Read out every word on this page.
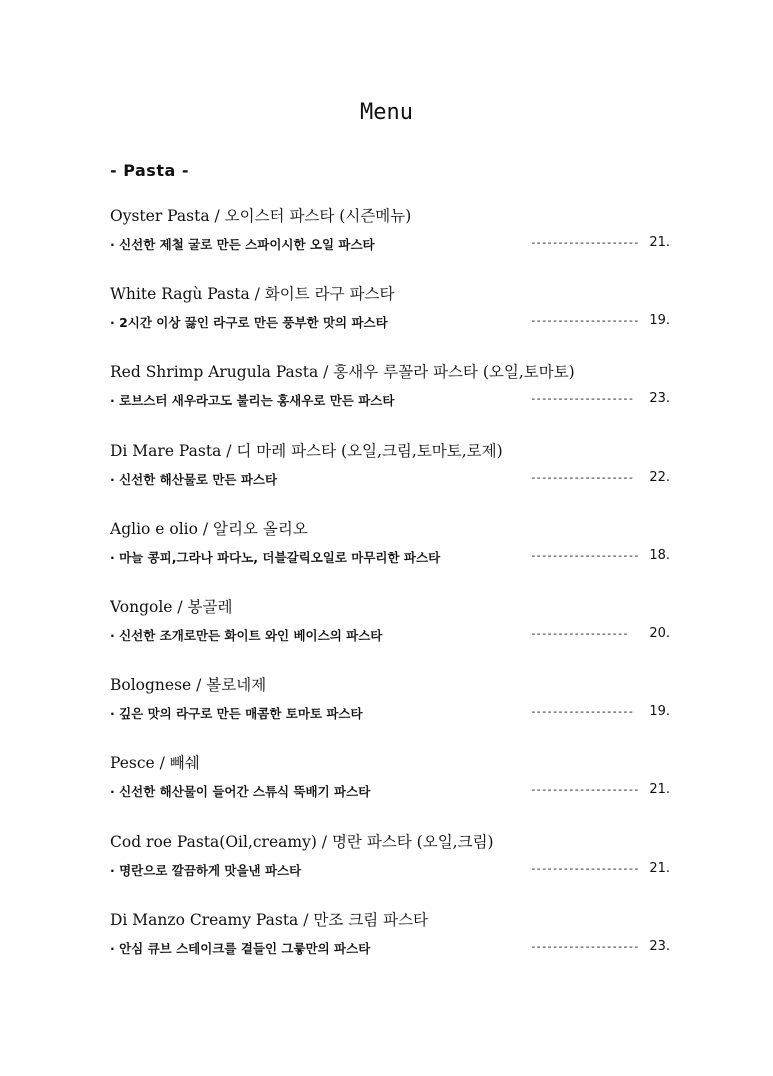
Menu
- Pasta -
Oyster Pasta / 오이스터 파스타 (시즌메뉴)
· 신선한 제철 굴로 만든 스파이시한 오일 파스타	-------------------- 21.
White Ragù Pasta / 화이트 라구 파스타
· 2시간 이상 끓인 라구로 만든 풍부한 맛의 파스타	-------------------- 19.
Red Shrimp Arugula Pasta / 홍새우 루꼴라 파스타 (오일,토마토)
· 로브스터 새우라고도 불리는 홍새우로 만든 파스타	------------------- 23.
Di Mare Pasta / 디 마레 파스타 (오일,크림,토마토,로제)
· 신선한 해산물로 만든 파스타	------------------- 22.
Aglio e olio / 알리오 올리오
· 마늘 콩피,그라나 파다노, 더블갈릭오일로 마무리한 파스타	-------------------- 18.
Vongole / 봉골레
· 신선한 조개로만든 화이트 와인 베이스의 파스타	------------------ 20.
Bolognese / 볼로네제
· 깊은 맛의 라구로 만든 매콤한 토마토 파스타	------------------- 19.
Pesce / 빼쉐
· 신선한 해산물이 들어간 스튜식 뚝배기 파스타	-------------------- 21.
Cod roe Pasta(Oil,creamy) / 명란 파스타 (오일,크림)
· 명란으로 깔끔하게 맛을낸 파스타	-------------------- 21.
Di Manzo Creamy Pasta / 만조 크림 파스타
· 안심 큐브 스테이크를 곁들인 그릏만의 파스타	-------------------- 23.
